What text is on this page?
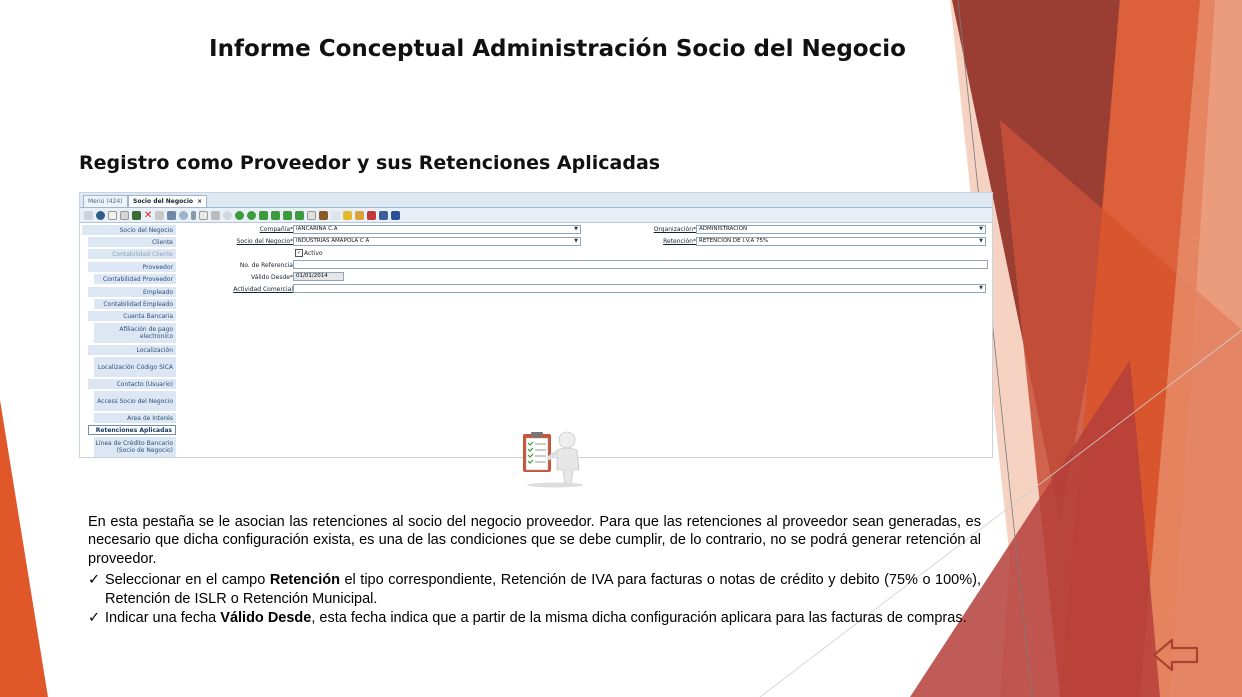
Informe Conceptual Administración Socio del Negocio
Registro como Proveedor y sus Retenciones Aplicadas
Menú (424)	Socio del Negocio ×
✕
Socio del Negocio
Cliente
Contabilidad Cliente
Proveedor
Contabilidad Proveedor
Empleado
Contabilidad Empleado
Cuenta Bancaria
Afiliación de pago electronico
Localización
Localización Código SICA
Contacto (Usuario)
Access Socio del Negocio
Area de Interés
Retenciones Aplicadas
Línea de Crédito Bancario (Socio de Negocio)
Compañía* IANCARINA C.A	▼	Organización* ADMINISTRACIÓN	▼
Socio del Negocio* INDUSTRIAS AMAPOLA C A	▼	Retención* RETENCION DE I.V.A 75%	▼
✓ Activo
No. de Referencia
Válido Desde* 01/01/2014
Actividad Comercial	▼

En esta pestaña se le asocian las retenciones al socio del negocio proveedor. Para que las retenciones al proveedor sean generadas, es necesario que dicha configuración exista, es una de las condiciones que se debe cumplir, de lo contrario, no se podrá generar retención al proveedor.

✓ Seleccionar en el campo Retención el tipo correspondiente, Retención de IVA para facturas o notas de crédito y debito (75% o 100%), Retención de ISLR o Retención Municipal.
✓ Indicar una fecha Válido Desde, esta fecha indica que a partir de la misma dicha configuración aplicara para las facturas de compras.
